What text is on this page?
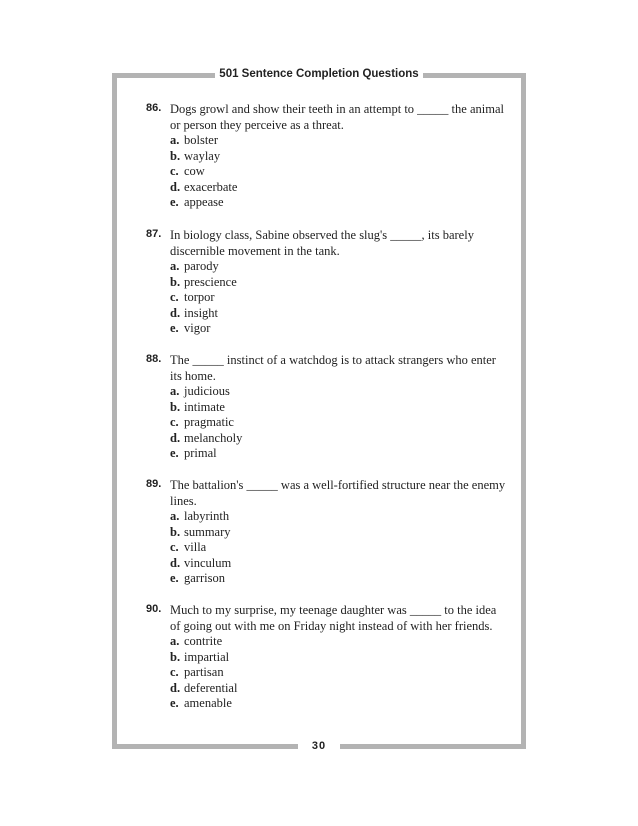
501 Sentence Completion Questions
86. Dogs growl and show their teeth in an attempt to _____ the animal or person they perceive as a threat.
a. bolster
b. waylay
c. cow
d. exacerbate
e. appease
87. In biology class, Sabine observed the slug's _____, its barely discernible movement in the tank.
a. parody
b. prescience
c. torpor
d. insight
e. vigor
88. The _____ instinct of a watchdog is to attack strangers who enter its home.
a. judicious
b. intimate
c. pragmatic
d. melancholy
e. primal
89. The battalion's _____ was a well-fortified structure near the enemy lines.
a. labyrinth
b. summary
c. villa
d. vinculum
e. garrison
90. Much to my surprise, my teenage daughter was _____ to the idea of going out with me on Friday night instead of with her friends.
a. contrite
b. impartial
c. partisan
d. deferential
e. amenable
30
